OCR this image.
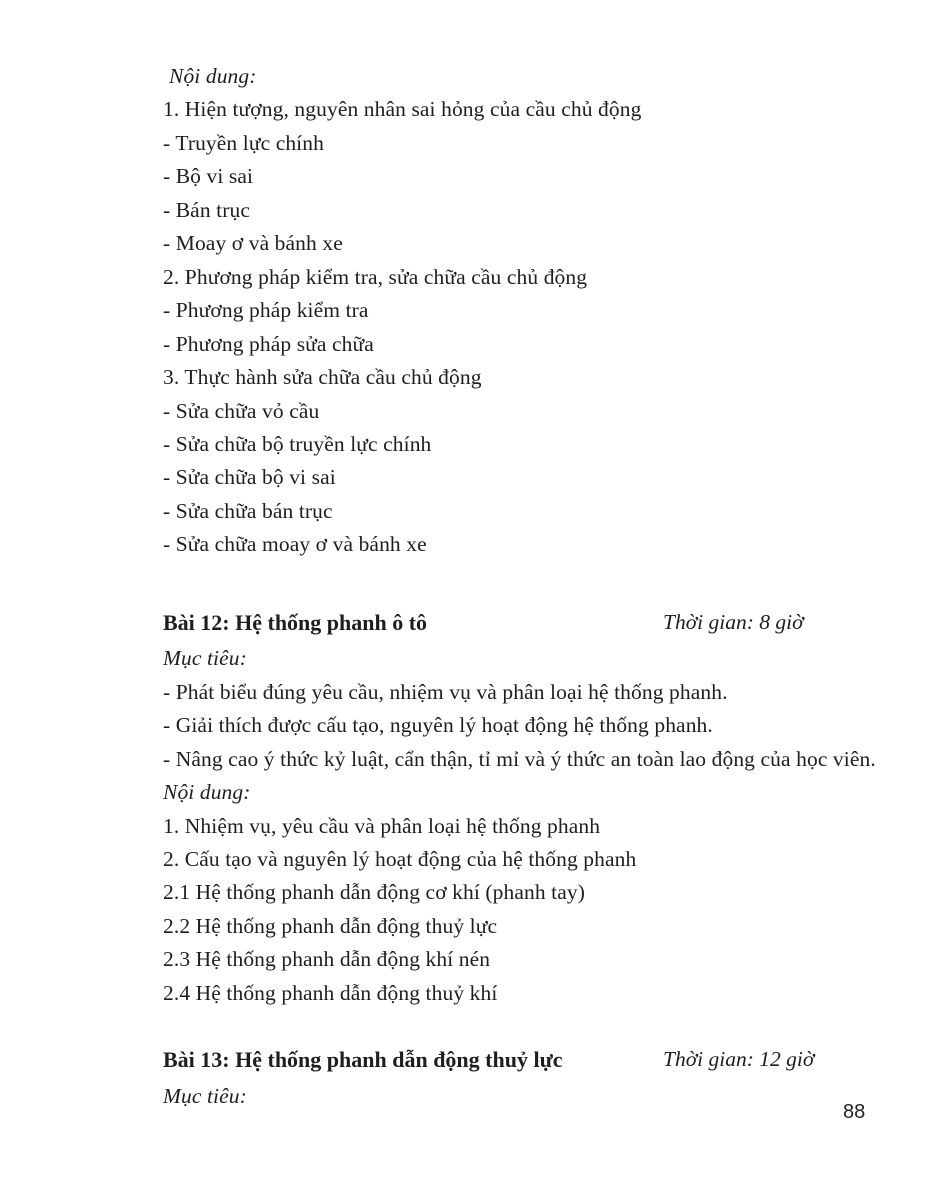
Nội dung:
1. Hiện tượng, nguyên nhân sai hỏng của cầu chủ động
- Truyền lực chính
- Bộ vi sai
- Bán trục
- Moay ơ và bánh xe
2. Phương pháp kiểm tra, sửa chữa cầu chủ động
- Phương pháp kiểm tra
- Phương pháp sửa chữa
3. Thực hành sửa chữa cầu chủ động
- Sửa chữa vỏ cầu
- Sửa chữa bộ truyền lực chính
- Sửa chữa bộ vi sai
- Sửa chữa bán trục
- Sửa chữa moay ơ và bánh xe
Bài 12: Hệ thống phanh ô tô	Thời gian: 8 giờ
Mục tiêu:
- Phát biểu đúng yêu cầu, nhiệm vụ và phân loại hệ thống phanh.
- Giải thích được cấu tạo, nguyên lý hoạt động hệ thống phanh.
- Nâng cao ý thức kỷ luật, cẩn thận, tỉ mỉ và ý thức an toàn lao động của học viên.
Nội dung:
1. Nhiệm vụ, yêu cầu và phân loại hệ thống phanh
2. Cấu tạo và nguyên lý hoạt động của hệ thống phanh
2.1 Hệ thống phanh dẫn động cơ khí (phanh tay)
2.2 Hệ thống phanh dẫn động thuỷ lực
2.3 Hệ thống phanh dẫn động khí nén
2.4 Hệ thống phanh dẫn động thuỷ khí
Bài 13: Hệ thống phanh dẫn động thuỷ lực	Thời gian: 12 giờ
Mục tiêu:
88
